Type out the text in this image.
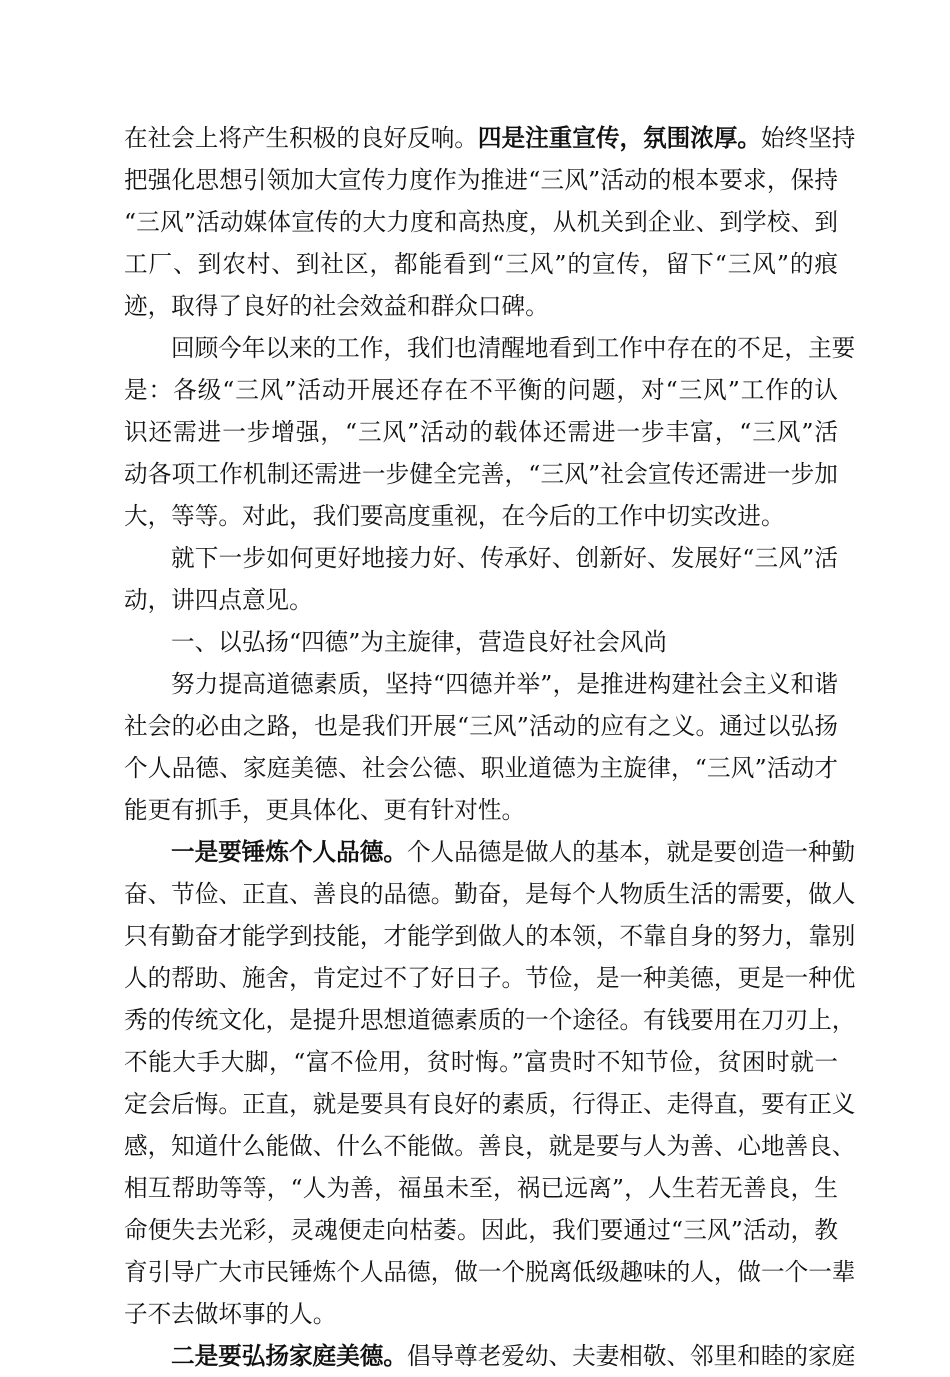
在社会上将产生积极的良好反响。四是注重宣传，氛围浓厚。始终坚持
把强化思想引领加大宣传力度作为推进“三风”活动的根本要求，保持
“三风”活动媒体宣传的大力度和高热度，从机关到企业、到学校、到
工厂、到农村、到社区，都能看到“三风”的宣传，留下“三风”的痕
迹，取得了良好的社会效益和群众口碑。
回顾今年以来的工作，我们也清醒地看到工作中存在的不足，主要
是：各级“三风”活动开展还存在不平衡的问题，对“三风”工作的认
识还需进一步增强，“三风”活动的载体还需进一步丰富，“三风”活
动各项工作机制还需进一步健全完善，“三风”社会宣传还需进一步加
大，等等。对此，我们要高度重视，在今后的工作中切实改进。
就下一步如何更好地接力好、传承好、创新好、发展好“三风”活
动，讲四点意见。
一、以弘扬“四德”为主旋律，营造良好社会风尚
努力提高道德素质，坚持“四德并举”，是推进构建社会主义和谐
社会的必由之路，也是我们开展“三风”活动的应有之义。通过以弘扬
个人品德、家庭美德、社会公德、职业道德为主旋律，“三风”活动才
能更有抓手，更具体化、更有针对性。
一是要锤炼个人品德。个人品德是做人的基本，就是要创造一种勤
奋、节俭、正直、善良的品德。勤奋，是每个人物质生活的需要，做人
只有勤奋才能学到技能，才能学到做人的本领，不靠自身的努力，靠别
人的帮助、施舍，肯定过不了好日子。节俭，是一种美德，更是一种优
秀的传统文化，是提升思想道德素质的一个途径。有钱要用在刀刃上，
不能大手大脚，“富不俭用，贫时悔。”富贵时不知节俭，贫困时就一
定会后悔。正直，就是要具有良好的素质，行得正、走得直，要有正义
感，知道什么能做、什么不能做。善良，就是要与人为善、心地善良、
相互帮助等等，“人为善，福虽未至，祸已远离”，人生若无善良，生
命便失去光彩，灵魂便走向枯萎。因此，我们要通过“三风”活动，教
育引导广大市民锤炼个人品德，做一个脱离低级趣味的人，做一个一辈
子不去做坏事的人。
二是要弘扬家庭美德。倡导尊老爱幼、夫妻相敬、邻里和睦的家庭
